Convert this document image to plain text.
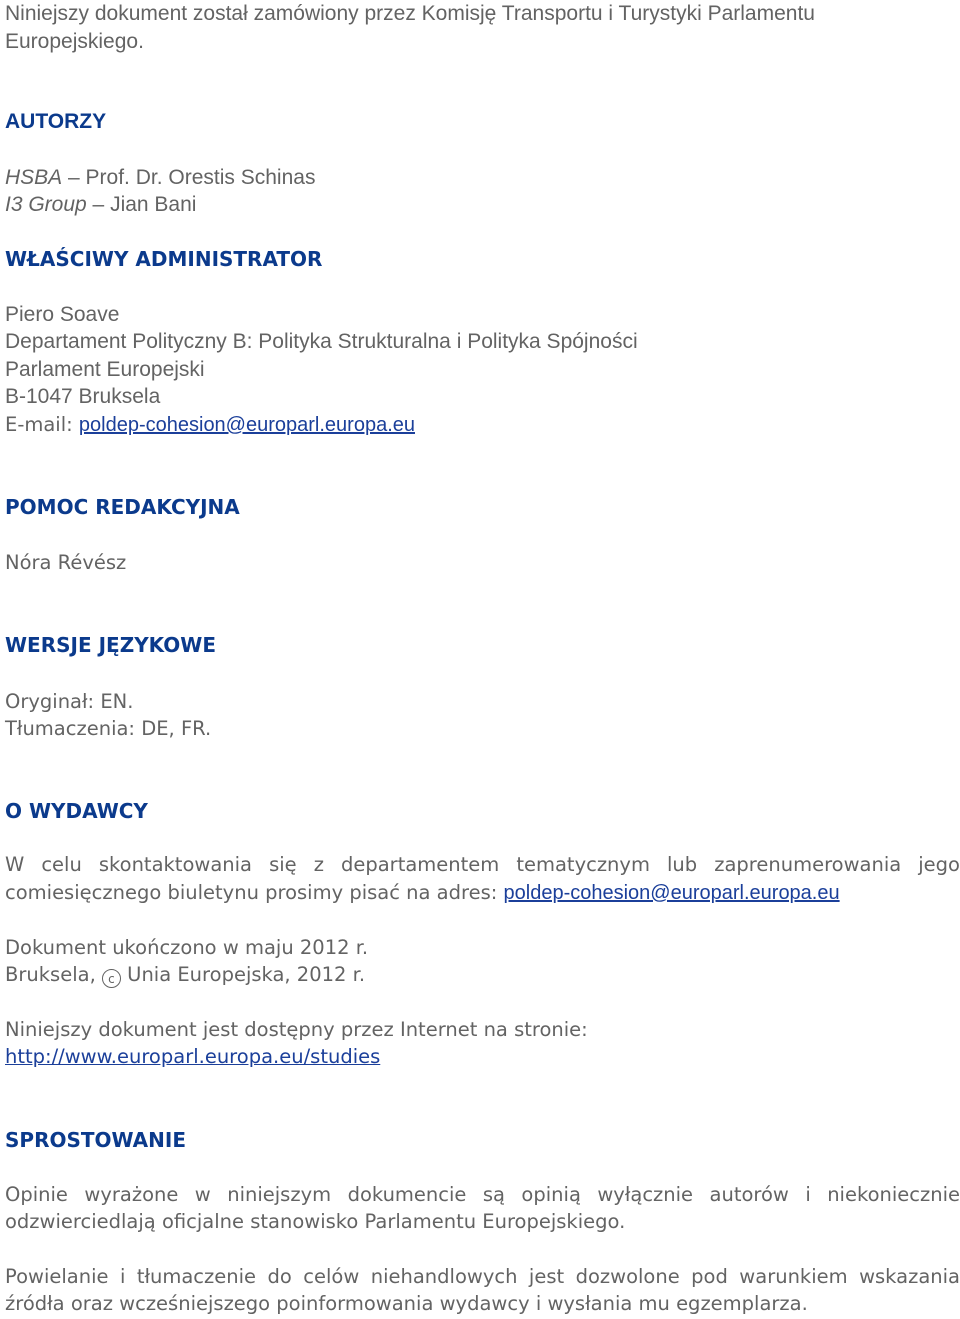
Niniejszy dokument został zamówiony przez Komisję Transportu i Turystyki Parlamentu
Europejskiego.
AUTORZY
HSBA – Prof. Dr. Orestis Schinas
I3 Group – Jian Bani
WŁAŚCIWY ADMINISTRATOR
Piero Soave
Departament Polityczny B: Polityka Strukturalna i Polityka Spójności
Parlament Europejski
B-1047 Bruksela
E-mail: poldep-cohesion@europarl.europa.eu
POMOC REDAKCYJNA
Nóra Révész
WERSJE JĘZYKOWE
Oryginał: EN.
Tłumaczenia: DE, FR.
O WYDAWCY
W celu skontaktowania się z departamentem tematycznym lub zaprenumerowania jego
comiesięcznego biuletynu prosimy pisać na adres: poldep-cohesion@europarl.europa.eu
Dokument ukończono w maju 2012 r.
Bruksela, c Unia Europejska, 2012 r.
Niniejszy dokument jest dostępny przez Internet na stronie:
http://www.europarl.europa.eu/studies
SPROSTOWANIE
Opinie wyrażone w niniejszym dokumencie są opinią wyłącznie autorów i niekoniecznie
odzwierciedlają oficjalne stanowisko Parlamentu Europejskiego.
Powielanie i tłumaczenie do celów niehandlowych jest dozwolone pod warunkiem wskazania
źródła oraz wcześniejszego poinformowania wydawcy i wysłania mu egzemplarza.
